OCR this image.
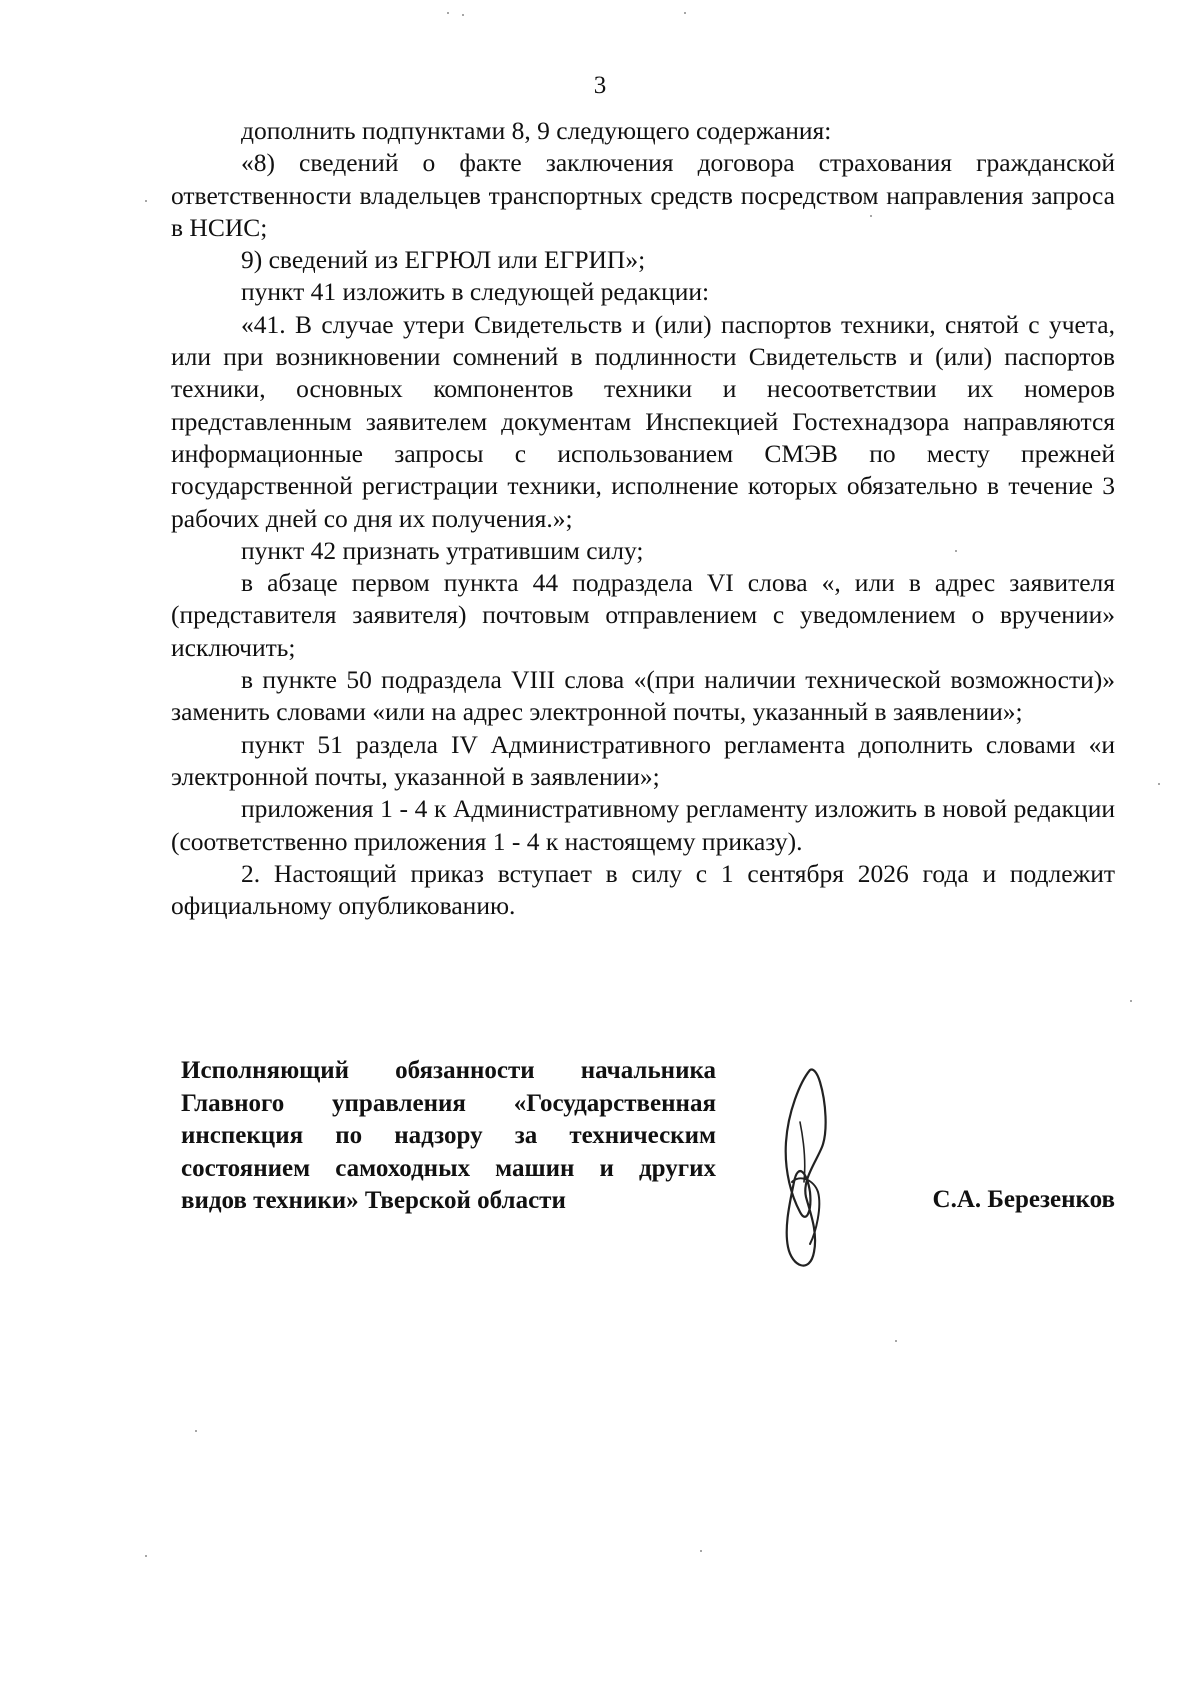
3

дополнить подпунктами 8, 9 следующего содержания:

«8) сведений о факте заключения договора страхования гражданской ответственности владельцев транспортных средств посредством направления запроса в НСИС;

9) сведений из ЕГРЮЛ или ЕГРИП»;

пункт 41 изложить в следующей редакции:

«41. В случае утери Свидетельств и (или) паспортов техники, снятой с учета, или при возникновении сомнений в подлинности Свидетельств и (или) паспортов техники, основных компонентов техники и несоответствии их номеров представленным заявителем документам Инспекцией Гостехнадзора направляются информационные запросы с использованием СМЭВ по месту прежней государственной регистрации техники, исполнение которых обязательно в течение 3 рабочих дней со дня их получения.»;

пункт 42 признать утратившим силу;

в абзаце первом пункта 44 подраздела VI слова «, или в адрес заявителя (представителя заявителя) почтовым отправлением с уведомлением о вручении» исключить;

в пункте 50 подраздела VIII слова «(при наличии технической возможности)» заменить словами «или на адрес электронной почты, указанный в заявлении»;

пункт 51 раздела IV Административного регламента дополнить словами «и электронной почты, указанной в заявлении»;

приложения 1 - 4 к Административному регламенту изложить в новой редакции (соответственно приложения 1 - 4 к настоящему приказу).

2. Настоящий приказ вступает в силу с 1 сентября 2026 года и подлежит официальному опубликованию.

Исполняющий обязанности начальника
Главного управления «Государственная
инспекция по надзору за техническим
состоянием самоходных машин и других
видов техники» Тверской области	С.А. Березенков
